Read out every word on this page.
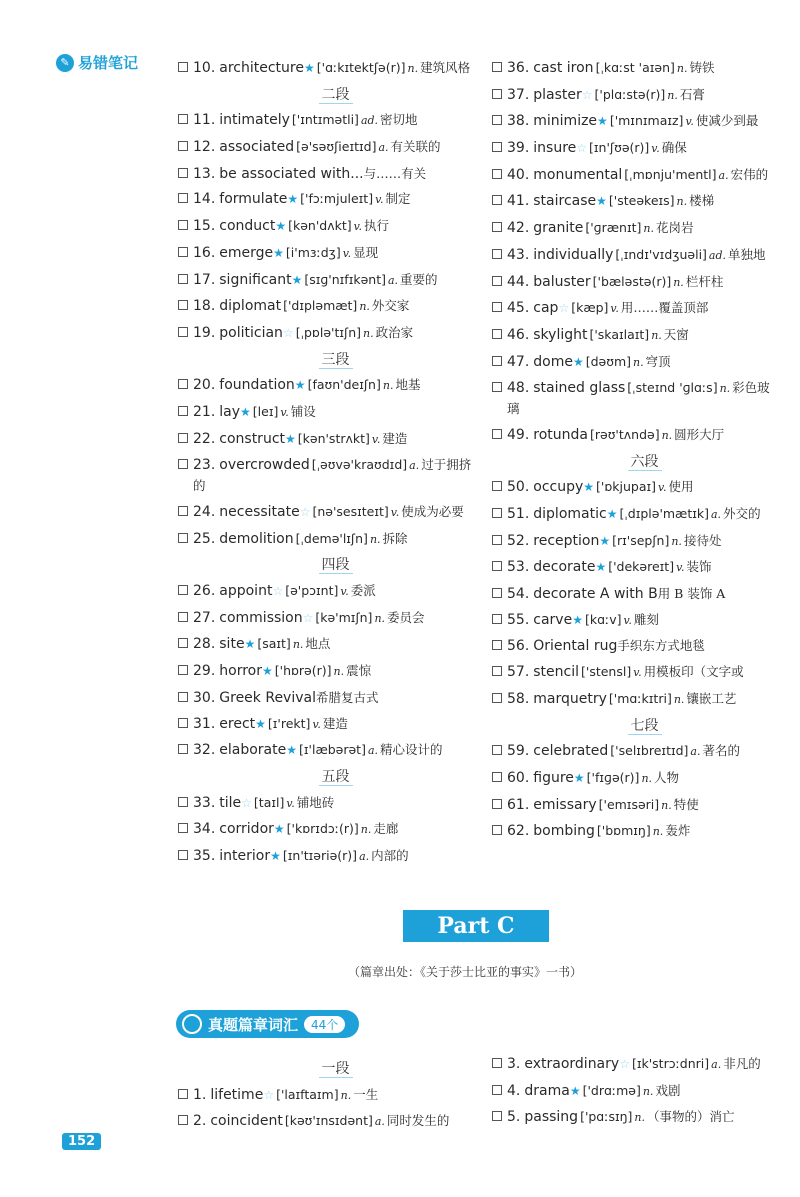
✎ 易错笔记	10. architecture★ ['ɑːkɪtektʃə(r)] n. 建筑风格
二段
11. intimately ['ɪntɪmətli] ad. 密切地
12. associated [ə'səʊʃieɪtɪd] a. 有关联的
13. be associated with...与……有关
14. formulate★ ['fɔːmjuleɪt] v. 制定
15. conduct★ [kən'dʌkt] v. 执行
16. emerge★ [i'mɜːdʒ] v. 显现
17. significant★ [sɪɡ'nɪfɪkənt] a. 重要的
18. diplomat ['dɪpləmæt] n. 外交家
19. politician☆ [ˌpɒlə'tɪʃn] n. 政治家
三段
20. foundation★ [faʊn'deɪʃn] n. 地基
21. lay★ [leɪ] v. 铺设
22. construct★ [kən'strʌkt] v. 建造
23. overcrowded [ˌəʊvə'kraʊdɪd] a. 过于拥挤的
24. necessitate☆ [nə'sesɪteɪt] v. 使成为必要
25. demolition [ˌdemə'lɪʃn] n. 拆除
四段
26. appoint☆ [ə'pɔɪnt] v. 委派
27. commission☆ [kə'mɪʃn] n. 委员会
28. site★ [saɪt] n. 地点
29. horror★ ['hɒrə(r)] n. 震惊
30. Greek Revival希腊复古式
31. erect★ [ɪ'rekt] v. 建造
32. elaborate★ [ɪ'læbərət] a. 精心设计的
五段
33. tile☆ [taɪl] v. 铺地砖
34. corridor★ ['kɒrɪdɔː(r)] n. 走廊
35. interior★ [ɪn'tɪəriə(r)] a. 内部的
36. cast iron [ˌkɑːst 'aɪən] n. 铸铁
37. plaster☆ ['plɑːstə(r)] n. 石膏
38. minimize★ ['mɪnɪmaɪz] v. 使减少到最
39. insure☆ [ɪn'ʃʊə(r)] v. 确保
40. monumental [ˌmɒnju'mentl] a. 宏伟的
41. staircase★ ['steəkeɪs] n. 楼梯
42. granite ['ɡrænɪt] n. 花岗岩
43. individually [ˌɪndɪ'vɪdʒuəli] ad. 单独地
44. baluster ['bæləstə(r)] n. 栏杆柱
45. cap☆ [kæp] v. 用……覆盖顶部
46. skylight ['skaɪlaɪt] n. 天窗
47. dome★ [dəʊm] n. 穹顶
48. stained glass [ˌsteɪnd 'ɡlɑːs] n. 彩色玻璃
49. rotunda [rəʊ'tʌndə] n. 圆形大厅
六段
50. occupy★ ['ɒkjupaɪ] v. 使用
51. diplomatic★ [ˌdɪplə'mætɪk] a. 外交的
52. reception★ [rɪ'sepʃn] n. 接待处
53. decorate★ ['dekəreɪt] v. 装饰
54. decorate A with B用 B 装饰 A
55. carve★ [kɑːv] v. 雕刻
56. Oriental rug手织东方式地毯
57. stencil ['stensl] v. 用模板印（文字或
58. marquetry ['mɑːkɪtri] n. 镶嵌工艺
七段
59. celebrated ['selɪbreɪtɪd] a. 著名的
60. figure★ ['fɪɡə(r)] n. 人物
61. emissary ['emɪsəri] n. 特使
62. bombing ['bɒmɪŋ] n. 轰炸
Part C
（篇章出处：《关于莎士比亚的事实》一书）
真题篇章词汇	44个
一段
1. lifetime☆ ['laɪftaɪm] n. 一生
2. coincident [kəʊ'ɪnsɪdənt] a. 同时发生的
3. extraordinary☆ [ɪk'strɔːdnri] a. 非凡的
4. drama★ ['drɑːmə] n. 戏剧
5. passing ['pɑːsɪŋ] n. （事物的）消亡
152
